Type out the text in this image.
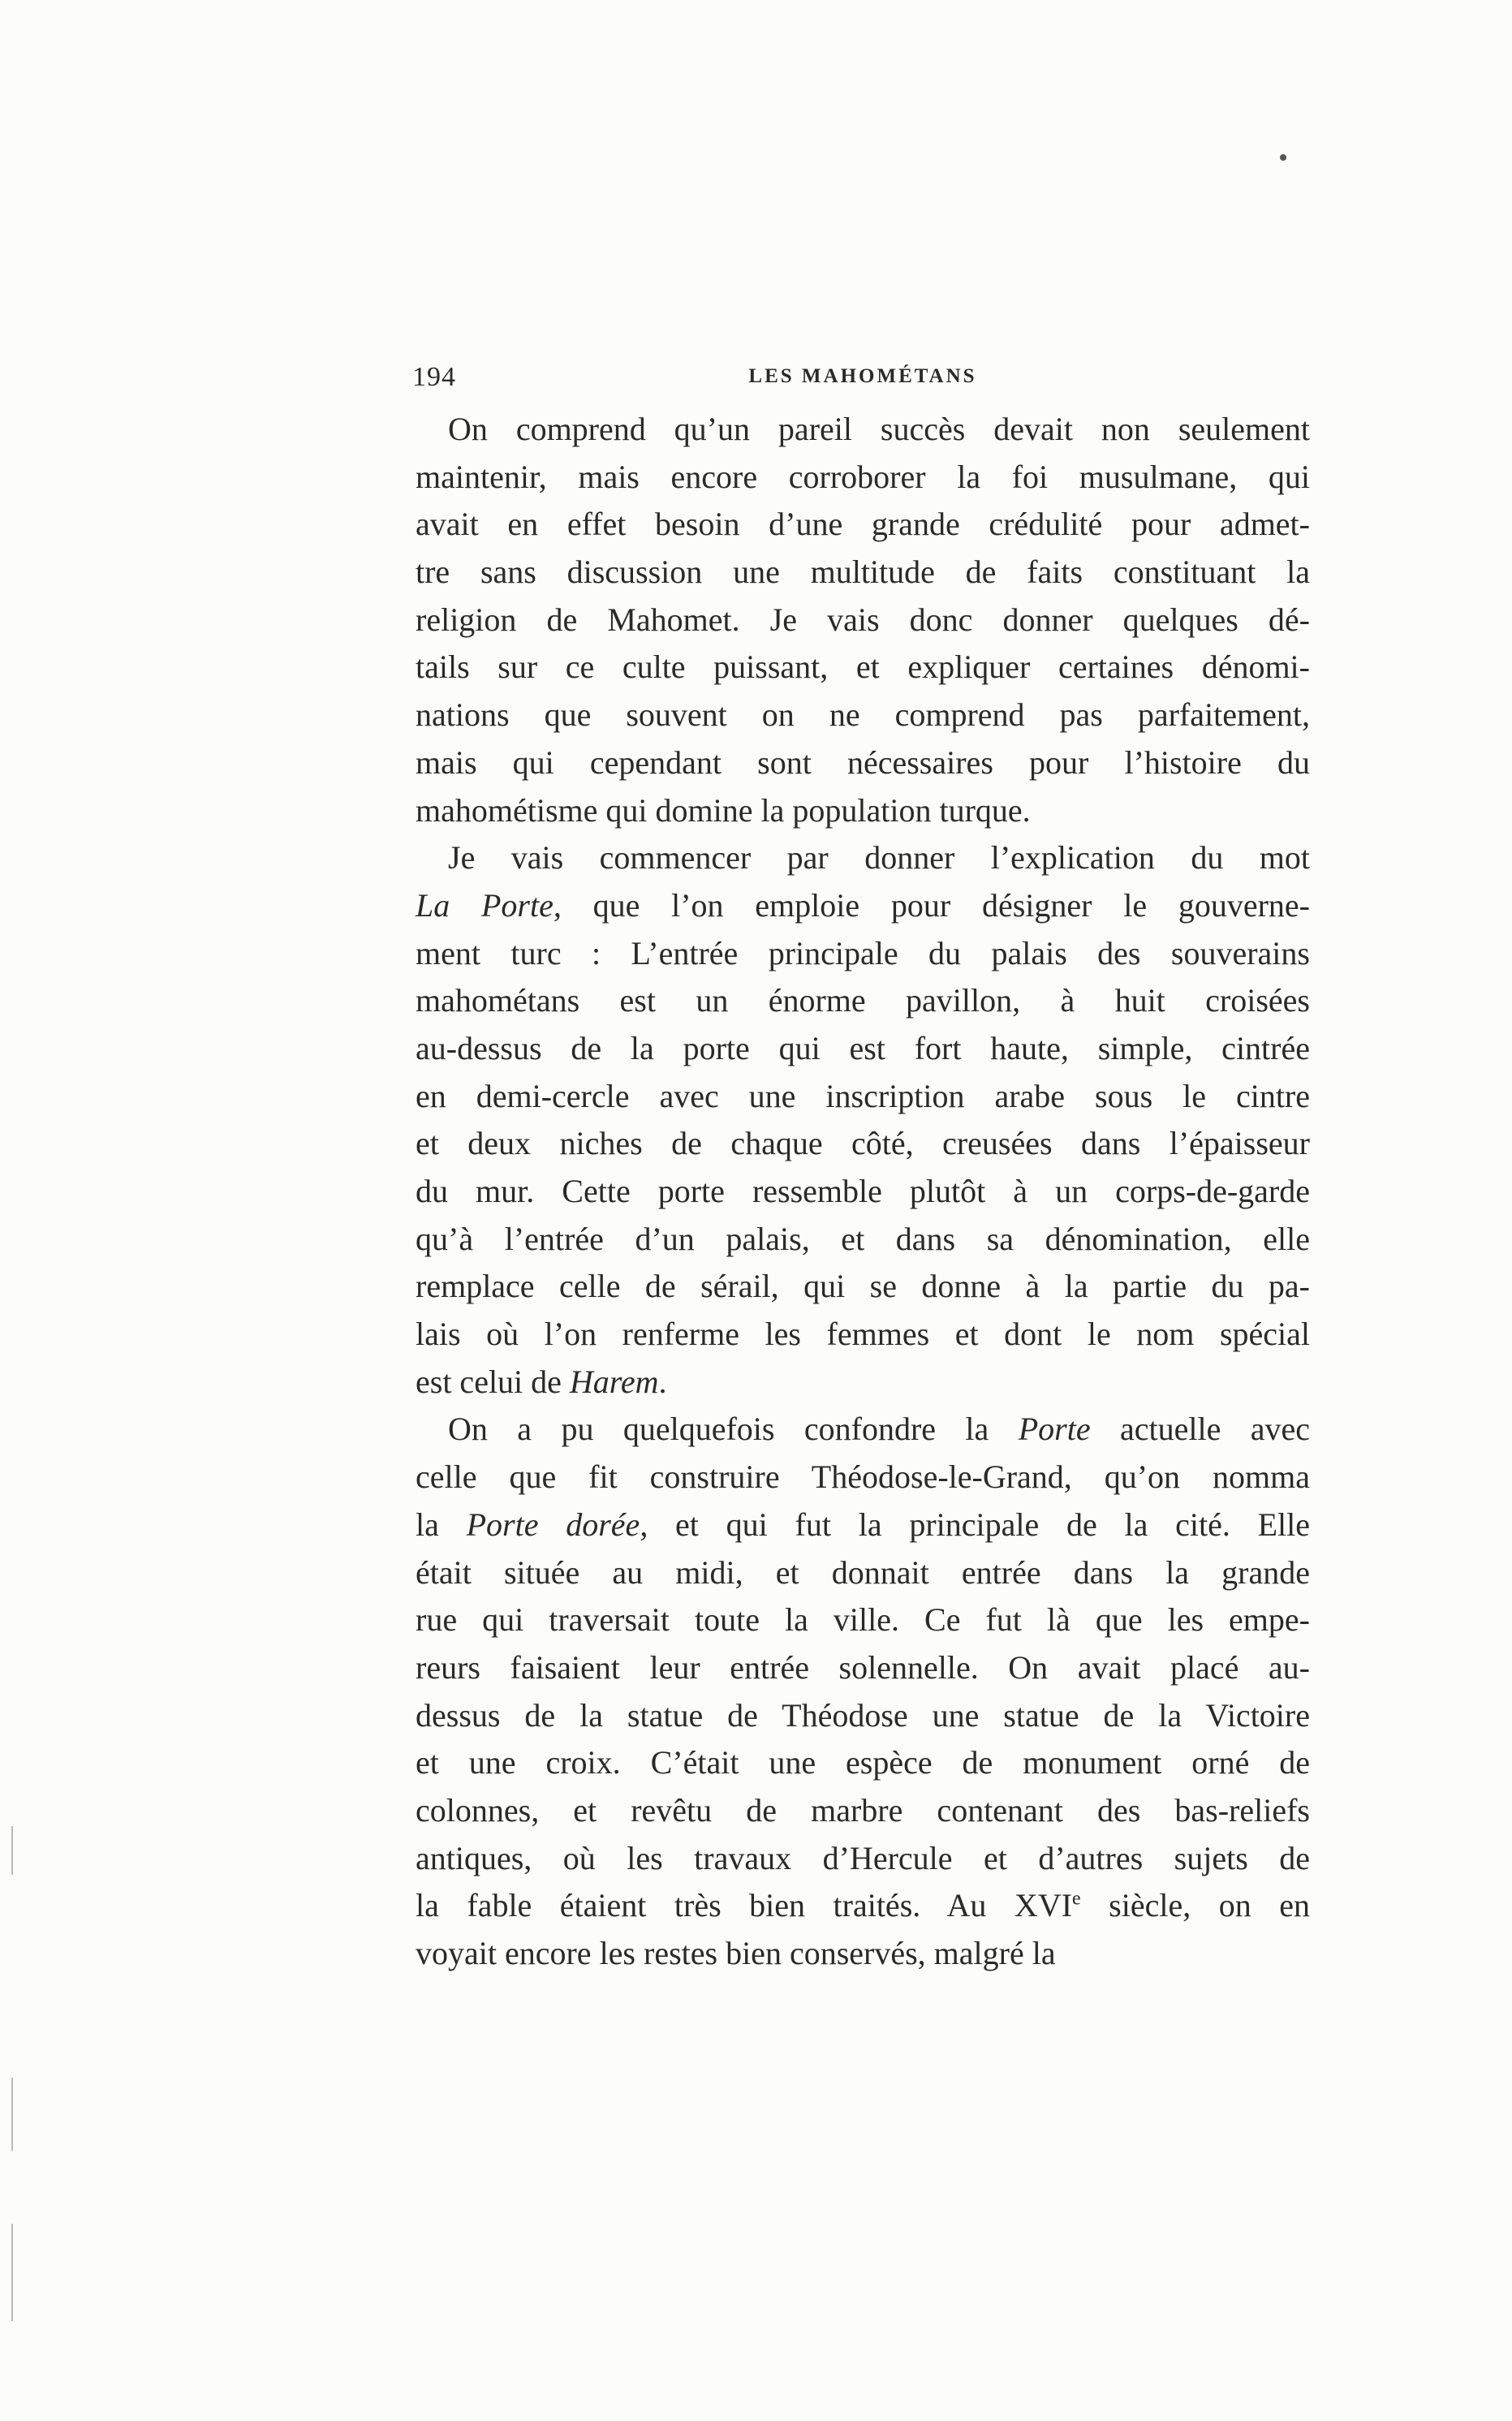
194	LES MAHOMÉTANS
On comprend qu’un pareil succès devait non seulement
maintenir, mais encore corroborer la foi musulmane, qui
avait en effet besoin d’une grande crédulité pour admet-
tre sans discussion une multitude de faits constituant la
religion de Mahomet. Je vais donc donner quelques dé-
tails sur ce culte puissant, et expliquer certaines dénomi-
nations que souvent on ne comprend pas parfaitement,
mais qui cependant sont nécessaires pour l’histoire du
mahométisme qui domine la population turque.
Je vais commencer par donner l’explication du mot
La Porte, que l’on emploie pour désigner le gouverne-
ment turc : L’entrée principale du palais des souverains
mahométans est un énorme pavillon, à huit croisées
au-dessus de la porte qui est fort haute, simple, cintrée
en demi-cercle avec une inscription arabe sous le cintre
et deux niches de chaque côté, creusées dans l’épaisseur
du mur. Cette porte ressemble plutôt à un corps-de-garde
qu’à l’entrée d’un palais, et dans sa dénomination, elle
remplace celle de sérail, qui se donne à la partie du pa-
lais où l’on renferme les femmes et dont le nom spécial
est celui de Harem.
On a pu quelquefois confondre la Porte actuelle avec
celle que fit construire Théodose-le-Grand, qu’on nomma
la Porte dorée, et qui fut la principale de la cité. Elle
était située au midi, et donnait entrée dans la grande
rue qui traversait toute la ville. Ce fut là que les empe-
reurs faisaient leur entrée solennelle. On avait placé au-
dessus de la statue de Théodose une statue de la Victoire
et une croix. C’était une espèce de monument orné de
colonnes, et revêtu de marbre contenant des bas-reliefs
antiques, où les travaux d’Hercule et d’autres sujets de
la fable étaient très bien traités. Au XVIe siècle, on en
voyait encore les restes bien conservés, malgré la
